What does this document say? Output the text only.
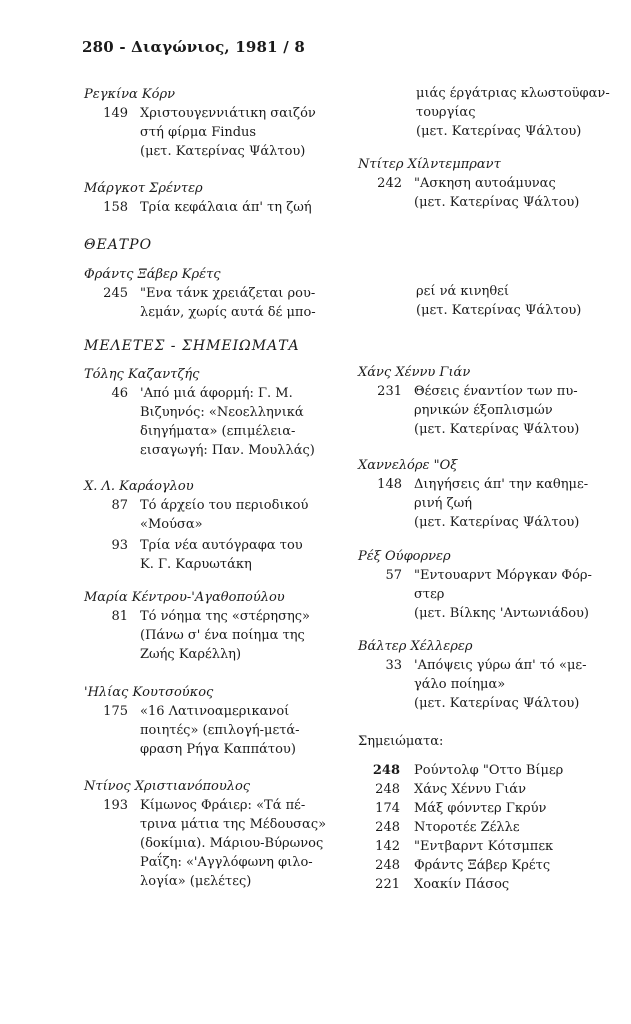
280 - Διαγώνιος, 1981 / 8
Ρεγκίνα Κόρν
149 Χριστουγεννιάτικη σαιζόν
στή φίρμα Findus
(μετ. Κατερίνας Ψάλτου)
Μάργκοτ Σρέντερ
158 Τρία κεφάλαια άπ' τη ζωή
ΘΕΑΤΡΟ
Φράντς Ξάβερ Κρέτς
245 "Ενα τάνκ χρειάζεται ρου-
λεμάν, χωρίς αυτά δέ μπο-
ΜΕΛΕΤΕΣ - ΣΗΜΕΙΩΜΑΤΑ
Τόλης Καζαντζής
46 'Από μιά άφορμή: Γ. Μ.
Βιζυηνός: «Νεοελληνικά
διηγήματα» (επιμέλεια-
εισαγωγή: Παν. Μουλλάς)
Χ. Λ. Καράογλου
87 Τό άρχείο του περιοδικού
«Μούσα»
93 Τρία νέα αυτόγραφα του
Κ. Γ. Καρυωτάκη
Μαρία Κέντρου-'Αγαθοπούλου
81 Τό νόημα της «στέρησης»
(Πάνω σ' ένα ποίημα της
Ζωής Καρέλλη)
'Ηλίας Κουτσούκος
175 «16 Λατινοαμερικανοί
ποιητές» (επιλογή-μετά-
φραση Ρήγα Καππάτου)
Ντίνος Χριστιανόπουλος
193 Κίμωνος Φράιερ: «Τά πέ-
τρινα μάτια της Μέδουσας»
(δοκίμια). Μάριου-Βύρωνος
Ραΐζη: «'Αγγλόφωνη φιλο-
λογία» (μελέτες)
μιάς έργάτριας κλωστοϋφαν-
τουργίας
(μετ. Κατερίνας Ψάλτου)
Ντίτερ Χίλντεμπραντ
242 "Ασκηση αυτοάμυνας
(μετ. Κατερίνας Ψάλτου)
ρεί νά κινηθεί
(μετ. Κατερίνας Ψάλτου)
Χάνς Χέννυ Γιάν
231 Θέσεις έναντίον των πυ-
ρηνικών έξοπλισμών
(μετ. Κατερίνας Ψάλτου)
Χαννελόρε "Οξ
148 Διηγήσεις άπ' την καθημε-
ρινή ζωή
(μετ. Κατερίνας Ψάλτου)
Ρέξ Ούφορνερ
57 "Εντουαρντ Μόργκαν Φόρ-
στερ
(μετ. Βίλκης 'Αντωνιάδου)
Βάλτερ Χέλλερερ
33 'Απόψεις γύρω άπ' τό «με-
γάλο ποίημα»
(μετ. Κατερίνας Ψάλτου)
Σημειώματα:
248 Ρούντολφ "Οττο Βίμερ
248 Χάνς Χέννυ Γιάν
174 Μάξ φόνντερ Γκρύν
248 Ντοροτέε Ζέλλε
142 "Εντβαρντ Κότσμπεκ
248 Φράντς Ξάβερ Κρέτς
221 Χοακίν Πάσος
